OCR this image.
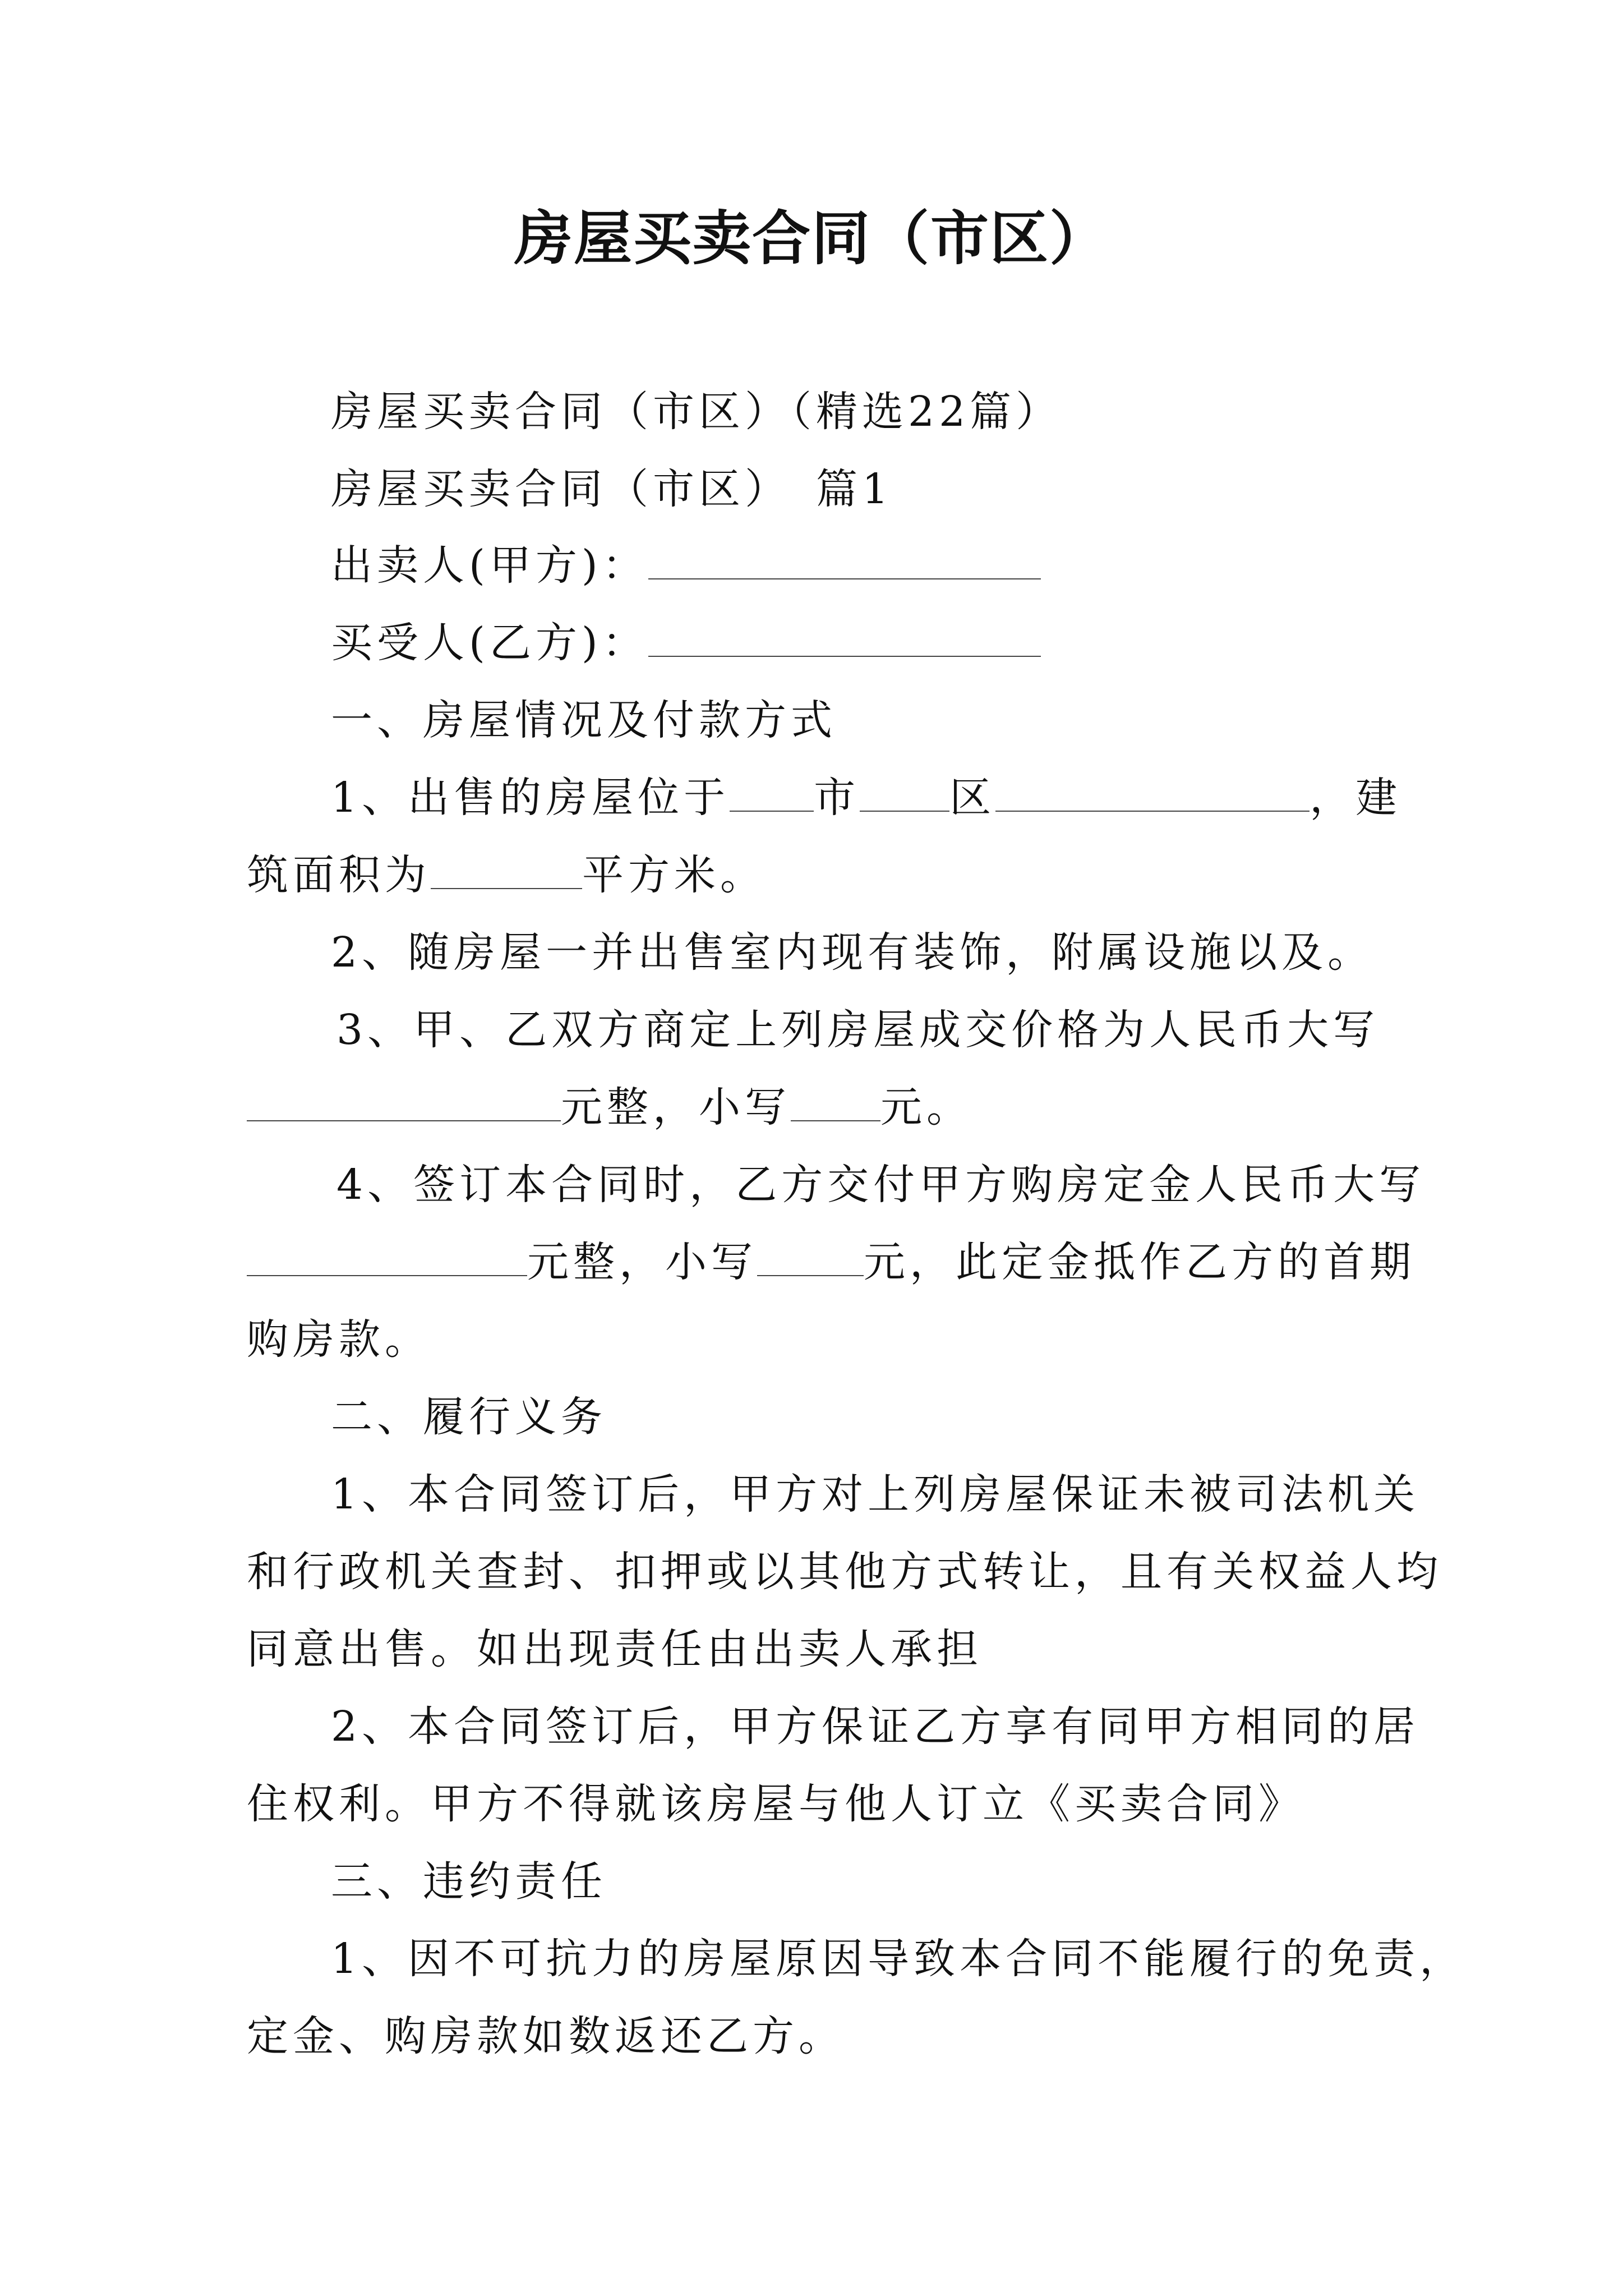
房屋买卖合同（市区）
房屋买卖合同（市区）（精选22篇）
房屋买卖合同（市区）　篇1
出卖人(甲方)：
买受人(乙方)：
一、房屋情况及付款方式
1、出售的房屋位于 市 区	，建
筑面积为	平方米。
2、随房屋一并出售室内现有装饰，附属设施以及。
3、甲、乙双方商定上列房屋成交价格为人民币大写
元整，小写 元。
4、签订本合同时，乙方交付甲方购房定金人民币大写
元整，小写	元，此定金抵作乙方的首期
购房款。
二、履行义务
1、本合同签订后，甲方对上列房屋保证未被司法机关
和行政机关查封、扣押或以其他方式转让，且有关权益人均
同意出售。如出现责任由出卖人承担
2、本合同签订后，甲方保证乙方享有同甲方相同的居
住权利。甲方不得就该房屋与他人订立《买卖合同》
三、违约责任
1、因不可抗力的房屋原因导致本合同不能履行的免责，
定金、购房款如数返还乙方。
